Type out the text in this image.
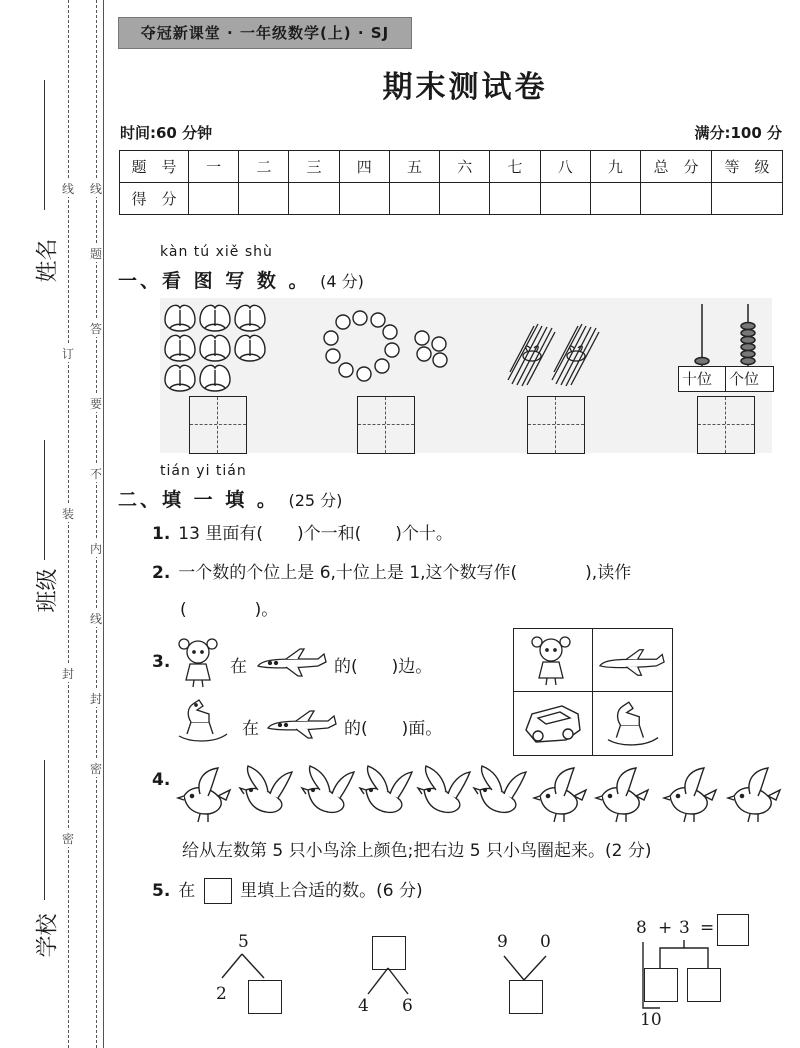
姓名
班级
学校
线
订
装
封
密
线
题
答
要
不
内
线
封
密
夺冠新课堂 · 一年级数学(上) · SJ
期末测试卷
时间:60 分钟	满分:100 分
题　号	一	二	三	四	五	六	七	八	九	总　分	等　级
得　分											
kàn tú xiě shù
一、看 图 写 数 。 (4 分)
十位 个位
tián yi tián
二、填 一 填 。 (25 分)
1. 13 里面有(　　)个一和(　　)个十。
2. 一个数的个位上是 6,十位上是 1,这个数写作(　　　　),读作
(　　　　)。
3.	在	的(　　)边。
在	的(　　)面。
4.
给从左数第 5 只小鸟涂上颜色;把右边 5 只小鸟圈起来。(2 分)
5. 在	里填上合适的数。(6 分)
5
2
4 6
9 0
8 + 3 =
10
